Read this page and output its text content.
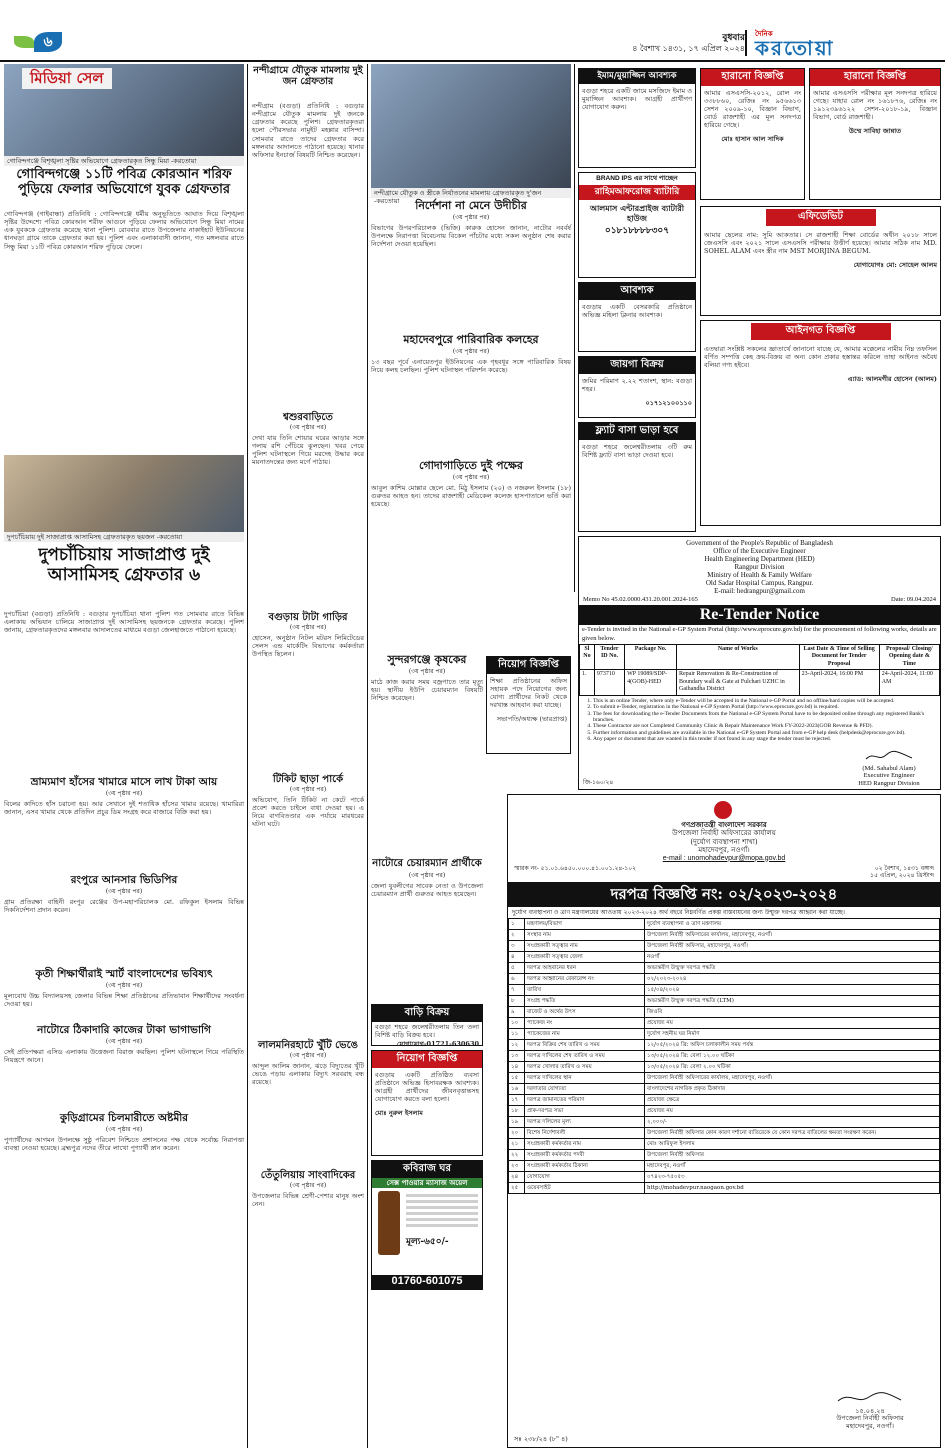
৬	বুধবার
৪ বৈশাখ ১৪৩১, ১৭ এপ্রিল ২০২৪
দৈনিক
করতোয়া
মিডিয়া সেল
গোবিন্দগঞ্জে বিশৃঙ্খলা সৃষ্টির অভিযোগে গ্রেফতারকৃত সিন্ধু মিয়া -করতোয়া
গোবিন্দগঞ্জে ১১টি পবিত্র কোরআন শরিফ পুড়িয়ে ফেলার অভিযোগে যুবক গ্রেফতার
গোবিন্দগঞ্জ (গাইবান্ধা) প্রতিনিধি : গোবিন্দগঞ্জে ধর্মীয় অনুভূতিতে আঘাত দিয়ে বিশৃঙ্খলা সৃষ্টির উদ্দেশ্যে পবিত্র কোরআন শরীফ আগুনে পুড়িয়ে ফেলার অভিযোগে সিন্ধু মিয়া নামের এক যুবককে গ্রেফতার করেছে থানা পুলিশ। রোববার রাতে উপজেলার নাকাইহাট ইউনিয়নের ধানঘড়া গ্রামে তাকে গ্রেফতার করা হয়। পুলিশ এবং এলাকাবাসী জানান, গত মঙ্গলবার রাতে সিন্ধু মিয়া ১১টি পবিত্র কোরআন শরিফ পুড়িয়ে ফেলে।
দুপচাঁচিয়ায় দুই সাজাপ্রাপ্ত আসামিসহ গ্রেফতারকৃত ছয়জন -করতোয়া
দুপচাঁচিয়ায় সাজাপ্রাপ্ত দুই আসামিসহ গ্রেফতার ৬
দুপচাঁচিয়া (বগুড়া) প্রতিনিধি : বগুড়ার দুপচাঁচিয়া থানা পুলিশ গত সোমবার রাতে বিভিন্ন এলাকায় অভিযান চালিয়ে সাজাপ্রাপ্ত দুই আসামিসহ ছয়জনকে গ্রেফতার করেছে। পুলিশ জানায়, গ্রেফতারকৃতদের মঙ্গলবার আদালতের মাধ্যমে বগুড়া জেলহাজতে পাঠানো হয়েছে।
ভ্রাম্যমাণ হাঁসের খামারে মাসে লাখ টাকা আয়
(৩য় পৃষ্ঠার পর)
বিলের কাদিতে হাঁস চরানো হয়। আর সেখানে দুই শতাধিক হাঁসের খামার রয়েছে। খামারিরা জানান, এসব খামার থেকে প্রতিদিন প্রচুর ডিম সংগ্রহ করে বাজারে বিক্রি করা হয়।
রংপুরে আনসার ভিডিপির
(৩য় পৃষ্ঠার পর)
গ্রাম প্রতিরক্ষা বাহিনী রংপুর রেঞ্জের উপ-মহাপরিচালক মো. রফিকুল ইসলাম বিভিন্ন দিকনির্দেশনা প্রদান করেন।
কৃতী শিক্ষার্থীরাই স্মার্ট বাংলাদেশের ভবিষ্যৎ
(৩য় পৃষ্ঠার পর)
মূল্যবোধ উচ্চ বিদ্যালয়সহ জেলার বিভিন্ন শিক্ষা প্রতিষ্ঠানের প্রতিভাবান শিক্ষার্থীদের সংবর্ধনা দেওয়া হয়।
নাটোরে ঠিকাদারি কাজের টাকা ভাগাভাগি
(৩য় পৃষ্ঠার পর)
সেই প্রতিপক্ষরা এসিড এলাকায় উত্তেজনা বিরাজ করছিল। পুলিশ ঘটনাস্থলে গিয়ে পরিস্থিতি নিয়ন্ত্রণে আনে।
কুড়িগ্রামের চিলমারীতে অষ্টমীর
(৩য় পৃষ্ঠার পর)
পুণ্যার্থীদের আগমন উপলক্ষে সুষ্ঠু পরিবেশ নিশ্চিতে প্রশাসনের পক্ষ থেকে সর্বোচ্চ নিরাপত্তা ব্যবস্থা নেওয়া হয়েছে। ব্রহ্মপুত্র নদের তীরে লাখো পুণ্যার্থী স্নান করেন।
নন্দীগ্রামে যৌতুক মামলায় দুই জন গ্রেফতার
নন্দীগ্রাম (বগুড়া) প্রতিনিধি : বগুড়ার নন্দীগ্রামে যৌতুক মামলায় দুই জনকে গ্রেফতার করেছে পুলিশ। গ্রেফতারকৃতরা হলো পৌরসভার নামুইট মহল্লার বাসিন্দা। সোমবার রাতে তাদের গ্রেফতার করে মঙ্গলবার আদালতে পাঠানো হয়েছে। থানার অফিসার ইনচার্জ বিষয়টি নিশ্চিত করেছেন।
শ্বশুরবাড়িতে
(৩য় পৃষ্ঠার পর)
দেখা যায় তিনি শোয়ার ঘরের আড়ার সঙ্গে গলায় রশি পেঁচিয়ে ঝুলছেন। খবর পেয়ে পুলিশ ঘটনাস্থলে গিয়ে মরদেহ উদ্ধার করে ময়নাতদন্তের জন্য মর্গে পাঠায়।
বগুড়ায় টাটা গাড়ির
(৩য় পৃষ্ঠার পর)
হোসেন, অনুষ্ঠান নিটল মটরস লিমিটেডের সেলস এন্ড মার্কেটিং বিভাগের কর্মকর্তারা উপস্থিত ছিলেন।
টিকিট ছাড়া পার্কে
(৩য় পৃষ্ঠার পর)
অভিযোগ, তিনি টিকিট না কেটে পার্কে প্রবেশ করতে চাইলে বাধা দেওয়া হয়। এ নিয়ে বাগবিতণ্ডার এক পর্যায়ে মারধরের ঘটনা ঘটে।
লালমনিরহাটে খুঁটি ভেঙে
(৩য় পৃষ্ঠার পর)
আব্দুল আলিম জানান, ঝড়ে বিদ্যুতের খুঁটি ভেঙে পড়ায় এলাকায় বিদ্যুৎ সরবরাহ বন্ধ রয়েছে।
তেঁতুলিয়ায় সাংবাদিকের
(৩য় পৃষ্ঠার পর)
উপজেলার বিভিন্ন শ্রেণী-পেশার মানুষ অংশ নেন।
নন্দীগ্রামে যৌতুক ও স্ত্রীকে নির্যাতনের মামলায় গ্রেফতারকৃত দু'জন -করতোয়া	নির্দেশনা না মেনে উদীচীর
(৩য় পৃষ্ঠার পর)
বিভাগের উপরপরিচালক (ভিজি) কারুক হোসেন জানান, নাটোর নবর্বর্ষ উপলক্ষে নিরাপত্তা বিবেচনায় বিকেল পাঁচটার মধ্যে সকল অনুষ্ঠান শেষ করার নির্দেশনা দেওয়া হয়েছিল।
মহাদেবপুরে পারিবারিক কলহের
(৩য় পৃষ্ঠার পর)
১৩ বছর পূর্বে এনায়েতপুর ইউনিয়নের এক গৃহবধূর সঙ্গে পারিবারিক বিষয় নিয়ে কলহ চলছিল। পুলিশ ঘটনাস্থল পরিদর্শন করেছে।
গোদাগাড়িতে দুই পক্ষের
(৩য় পৃষ্ঠার পর)
আবুল কাশিম মোল্লার ছেলে মো. মিঠু ইসলাম (২০) ও নজরুল ইসলাম (১৮) গুরুতর আহত হন। তাদের রাজশাহী মেডিকেল কলেজ হাসপাতালে ভর্তি করা হয়েছে।
সুন্দরগঞ্জে কৃষকের
(৩য় পৃষ্ঠার পর)
মাঠে কাজ করার সময় বজ্রপাতে তার মৃত্যু হয়। স্থানীয় ইউপি চেয়ারম্যান বিষয়টি নিশ্চিত করেছেন।
নিয়োগ বিজ্ঞপ্তি
শিক্ষা প্রতিষ্ঠানের অফিস সহায়ক পদে নিয়োগের জন্য যোগ্য প্রার্থীদের নিকট থেকে দরখাস্ত আহবান করা যাচ্ছে।
সভাপতি/অধ্যক্ষ (ভারপ্রাপ্ত)
নাটোরে চেয়ারম্যান প্রার্থীকে
(৩য় পৃষ্ঠার পর)
জেলা যুবলীগের সাবেক নেতা ও উপজেলা চেয়ারম্যান প্রার্থী গুরুতর আহত হয়েছেন।
বাড়ি বিক্রয়
বগুড়া শহরে জলেশ্বরীতলায় তিন তলা বিশিষ্ট বাড়ি বিক্রয় হবে।
যোগাযোগ-01721-630630
নিয়োগ বিজ্ঞপ্তি
বগুড়ায় একটি প্রতিষ্ঠিত ব্যবসা প্রতিষ্ঠানে অভিজ্ঞ হিসাবরক্ষক আবশ্যক। আগ্রহী প্রার্থীদের জীবনবৃত্তান্তসহ যোগাযোগ করতে বলা হলো।
মোঃ নুরুল ইসলাম
কবিরাজ ঘর
সেক্স পাওয়ার ম্যাসাজ অয়েল
মূল্য-৬৫০/-
01760-601075
ইমাম/মুয়াজ্জিন আবশ্যক
বগুড়া শহরে একটি জামে মসজিদে ইমাম ও মুয়াজ্জিন আবশ্যক। আগ্রহী প্রার্থীগণ যোগাযোগ করুন।
BRAND IPS এর সাথে পাচ্ছেন
রাহিমআফরোজ ব্যাটারি
আলমাস এন্টারপ্রাইজ ব্যাটারী হাউজ
০১৮১৮৮৮৮৩০৭
আবশ্যক
বগুড়ায় একটি বেসরকারি প্রতিষ্ঠানে অভিজ্ঞ মহিলা ক্লিনার আবশ্যক।
জায়গা বিক্রয়
জমির পরিমাণ ২.২২ শতাংশ, স্থান: বগুড়া শহর।
০১৭১২১০০১১০
ফ্ল্যাট বাসা ভাড়া হবে
বগুড়া শহরে জলেশ্বরীতলায় ৩টি রুম বিশিষ্ট ফ্ল্যাট বাসা ভাড়া দেওয়া হবে।
হারানো বিজ্ঞপ্তি
আমার এসএসসি-২০১২, রোল নং ৩৩৮৮৬০, রেজিঃ নং ৯৫৬৬১৩ সেশন ২০০৯-১০, বিজ্ঞান বিভাগ, বোর্ড রাজশাহী এর মূল সনদপত্র হারিয়ে গেছে।
মোঃ হাসান আল সাদিক
হারানো বিজ্ঞপ্তি
আমার এসএসসি পরীক্ষার মূল সনদপত্র হারিয়ে গেছে। যাহার রোল নং ১৬১৮৭৬, রেজিঃ নং ১৯১২৩৯৬১২২ সেশন-২০১৮-১৯, বিজ্ঞান বিভাগ, বোর্ড রাজশাহী।
উম্মে সাবিহা জান্নাত
এফিডেভিট
আমার ছেলের নাম: সুমি আকতার। সে রাজশাহী শিক্ষা বোর্ডের অধীন ২০১৮ সালে জেএসসি এবং ২০২১ সালে এসএসসি পরীক্ষায় উত্তীর্ণ হয়েছে। আমার সঠিক নাম MD. SOHEL ALAM এবং স্ত্রীর নাম MST MORJINA BEGUM.
যোগাযোগঃ মো: সোহেল আলম
আইনগত বিজ্ঞপ্তি
এতদ্বারা সংশ্লিষ্ট সকলের জ্ঞাতার্থে জানানো যাচ্ছে যে, আমার মক্কেলের নামীয় নিম্ন তফসিল বর্ণিত সম্পত্তি কেহ ক্রয়-বিক্রয় বা অন্য কোন প্রকার হস্তান্তর করিলে তাহা আইনত অবৈধ বলিয়া গণ্য হইবে।
এ্যাড: আলমগীর হোসেন (আলম)
Government of the People's Republic of Bangladesh
Office of the Executive Engineer
Health Engineering Department (HED)
Rangpur Division
Ministry of Health & Family Welfare
Old Sadar Hospital Campus, Rangpur.
E-mail: hedrangpur@gmail.com
Memo No 45.02.0000.431.20.001.2024-165	Date: 09.04.2024
Re-Tender Notice
e-Tender is invited in the National e-GP System Portal (http://www.eprocure.gov.bd) for the procurement of following works, details are given below.
Sl No	Tender ID No.	Package No.	Name of Works	Last Date & Time of Selling Document for Tender Proposal	Proposal/ Closing/ Opening date & Time
1.	973710	WP 19089/SDP-4(GOB)-HED	Repair Renovation & Re-Construction of Boundary wall & Gate at Fulchari UZHC in Gaibandha District	23-April-2024, 16:00 PM	24-April-2024, 11:00 AM
1. This is an online Tender, where only e-Tender will be accepted in the National e-GP Portal and no offline/hard copies will be accepted.
2. To submit e-Tender, registration in the National e-GP System Portal (http://www.eprocure.gov.bd) is required.
3. The fees for downloading the e-Tender Documents from the National e-GP System Portal have to be deposited online through any registered Bank's branches.
4. These Contractor are not Completed Community Clinic & Repair Maintenance Work FY-2022-2023(GOB Revenue & PFD).
5. Further information and guidelines are available in the National e-GP System Portal and from e-GP help desk (helpdesk@eprocure.gov.bd).
6. Any paper or document that are wanted in this tender if not found in any stage the tender must be rejected.
জি-১৬০/২৪
(Md. Sahabul Alam)
Executive Engineer
HED Rangpur Division
গণপ্রজাতন্ত্রী বাংলাদেশ সরকার
উপজেলা নির্বাহী অফিসারের কার্যালয়
(দুর্যোগ ব্যবস্থাপনা শাখা)
মহাদেবপুর, নওগাঁ।
e-mail : unomohadevpur@mopa.gov.bd
স্মারক নং- ৫১.০১.৬৪৫০.০০০.৪১.০০১.২৪-১০২	০২ বৈশাখ, ১৪৩১ বঙ্গাব্দ
১৫ এপ্রিল, ২০২৪ খ্রিস্টাব্দ
দরপত্র বিজ্ঞপ্তি নং: ০২/২০২৩-২০২৪
দুর্যোগ ব্যবস্থাপনা ও ত্রাণ মন্ত্রণালয়ের আওতায় ২০২৩-২০২৪ অর্থ বছরে নিম্নবর্ণিত প্রকল্প বাস্তবায়নের জন্য উন্মুক্ত দরপত্র আহ্বান করা যাচ্ছে।
১	মন্ত্রণালয়/বিভাগ	দুর্যোগ ব্যবস্থাপনা ও ত্রাণ মন্ত্রণালয়
২	সংস্থার নাম	উপজেলা নির্বাহী অফিসারের কার্যালয়, মহাদেবপুর, নওগাঁ।
৩	সংগ্রহকারী সত্ত্বার নাম	উপজেলা নির্বাহী অফিসার, মহাদেবপুর, নওগাঁ।
৪	সংগ্রহকারী সত্ত্বার জেলা	নওগাঁ
৫	দরপত্র আহবানের ধরন	অভ্যন্তরীণ উন্মুক্ত দরপত্র পদ্ধতি
৬	দরপত্র আহ্বানের রেফারেন্স নং	০২/২০২৩-২০২৪
৭	তারিখ	১৫/০৪/২০২৪
৮	সংগ্রহ পদ্ধতি	অভ্যন্তরীণ উন্মুক্ত দরপত্র পদ্ধতি (LTM)
৯	বাজেট ও অর্থের উৎস	জিওবি
১০	প্যাকেজ নং	প্রযোজ্য নয়
১১	প্যাকেজের নাম	দুর্যোগ সহনীয় ঘর নির্মাণ
১২	দরপত্র বিক্রির শেষ তারিখ ও সময়	১২/০৫/২০২৪ খ্রি: অফিস চলাকালীন সময় পর্যন্ত
১৩	দরপত্র দাখিলের শেষ তারিখ ও সময়	১৩/০৫/২০২৪ খ্রি: বেলা ১২.০০ ঘটিকা
১৪	দরপত্র খোলার তারিখ ও সময়	১৩/০৫/২০২৪ খ্রি: বেলা ২.০০ ঘটিকা
১৫	দরপত্র দাখিলের স্থান	উপজেলা নির্বাহী অফিসারের কার্যালয়, মহাদেবপুর, নওগাঁ।
১৬	দরদাতার যোগ্যতা	বাংলাদেশের নাগরিক প্রকৃত ঠিকাদার
১৭	দরপত্র জামানতের পরিমাণ	প্রযোজ্য ক্ষেত্রে
১৮	প্রাক-দরপত্র সভা	প্রযোজ্য নয়
১৯	দরপত্র দলিলের মূল্য	২,০০০/-
২০	বিশেষ নির্দেশাবলী	উপজেলা নির্বাহী অফিসার কোন কারণ দর্শানো ব্যতিরেকে যে কোন দরপত্র বাতিলের ক্ষমতা সংরক্ষণ করেন।
২১	সংগ্রহকারী কর্মকর্তার নাম	মোঃ আরিফুল ইসলাম
২২	সংগ্রহকারী কর্মকর্তার পদবী	উপজেলা নির্বাহী অফিসার
২৩	সংগ্রহকারী কর্মকর্তার ঠিকানা	মহাদেবপুর, নওগাঁ
২৪	যোগাযোগ	০৭৪২৩-৭৫০৫৩
২৫	ওয়েবসাইট	http://mohadevpur.naogaon.gov.bd
সঃ ২৩৮/২৪ (৮" ৪)
১৫.০৪.২৪
উপজেলা নির্বাহী অফিসার
মহাদেবপুর, নওগাঁ।
